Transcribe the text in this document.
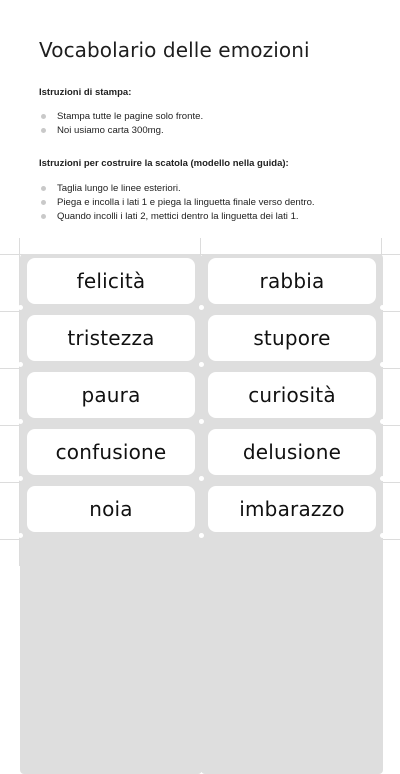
Vocabolario delle emozioni
Istruzioni di stampa:
Stampa tutte le pagine solo fronte.
Noi usiamo carta 300mg.
Istruzioni per costruire la scatola (modello nella guida):
Taglia lungo le linee esteriori.
Piega e incolla i lati 1 e piega la linguetta finale verso dentro.
Quando incolli i lati 2, mettici dentro la linguetta dei lati 1.
felicità
tristezza
paura
confusione
noia
rabbia
stupore
curiosità
delusione
imbarazzo
